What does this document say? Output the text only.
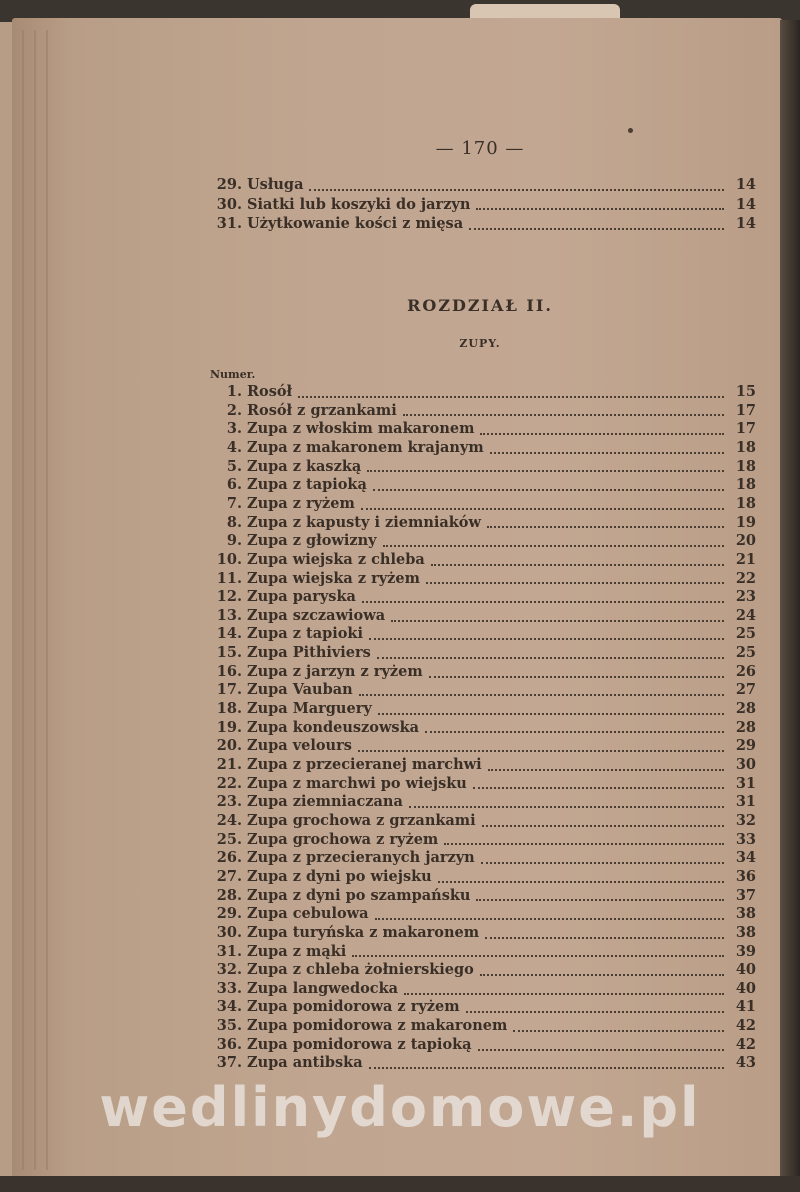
— 170 —
29. Usługa	14
30. Siatki lub koszyki do jarzyn	14
31. Użytkowanie kości z mięsa	14
ROZDZIAŁ II.
ZUPY.
Numer.
1. Rosół	15
2. Rosół z grzankami	17
3. Zupa z włoskim makaronem	17
4. Zupa z makaronem krajanym	18
5. Zupa z kaszką	18
6. Zupa z tapioką	18
7. Zupa z ryżem	18
8. Zupa z kapusty i ziemniaków	19
9. Zupa z głowizny	20
10. Zupa wiejska z chleba	21
11. Zupa wiejska z ryżem	22
12. Zupa paryska	23
13. Zupa szczawiowa	24
14. Zupa z tapioki	25
15. Zupa Pithiviers	25
16. Zupa z jarzyn z ryżem	26
17. Zupa Vauban	27
18. Zupa Marguery	28
19. Zupa kondeuszowska	28
20. Zupa velours	29
21. Zupa z przecieranej marchwi	30
22. Zupa z marchwi po wiejsku	31
23. Zupa ziemniaczana	31
24. Zupa grochowa z grzankami	32
25. Zupa grochowa z ryżem	33
26. Zupa z przecieranych jarzyn	34
27. Zupa z dyni po wiejsku	36
28. Zupa z dyni po szampańsku	37
29. Zupa cebulowa	38
30. Zupa turyńska z makaronem	38
31. Zupa z mąki	39
32. Zupa z chleba żołnierskiego	40
33. Zupa langwedocka	40
34. Zupa pomidorowa z ryżem	41
35. Zupa pomidorowa z makaronem	42
36. Zupa pomidorowa z tapioką	42
37. Zupa antibska	43
wedlinydomowe.pl
